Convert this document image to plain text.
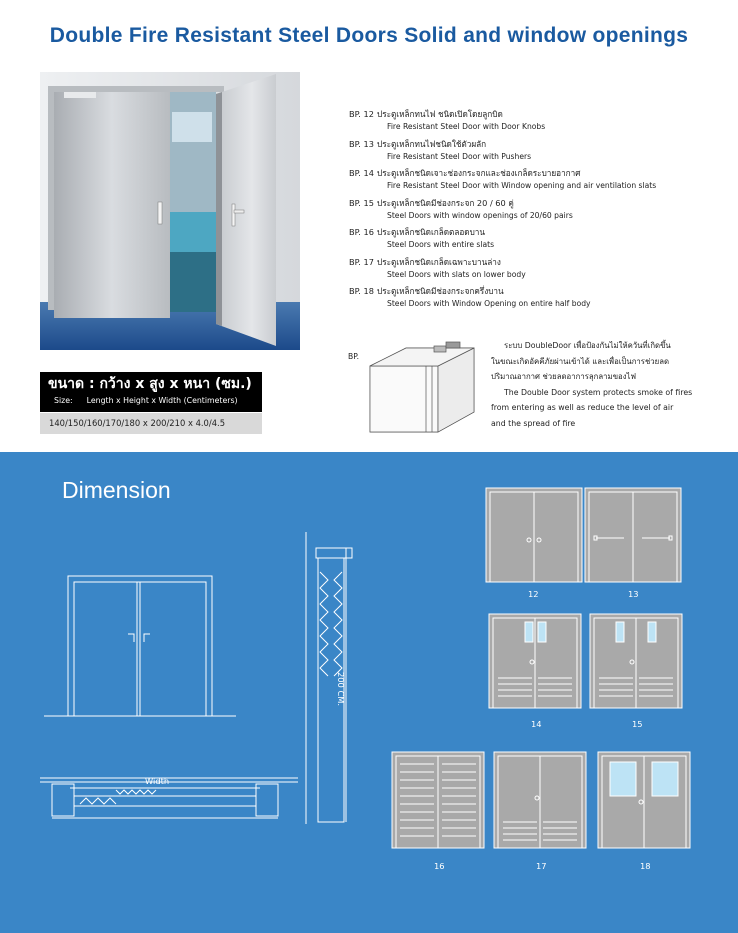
Double Fire Resistant Steel Doors Solid and window openings
BP. 12 ประตูเหล็กทนไฟ ชนิดเปิดโดยลูกบิด
Fire Resistant Steel Door with Door Knobs
BP. 13 ประตูเหล็กทนไฟชนิดใช้ตัวผลัก
Fire Resistant Steel Door with Pushers
BP. 14 ประตูเหล็กชนิดเจาะช่องกระจกและช่องเกล็ดระบายอากาศ
Fire Resistant Steel Door with Window opening and air ventilation slats
BP. 15 ประตูเหล็กชนิดมีช่องกระจก 20 / 60 คู่
Steel Doors with window openings of 20/60 pairs
BP. 16 ประตูเหล็กชนิดเกล็ดตลอดบาน
Steel Doors with entire slats
BP. 17 ประตูเหล็กชนิดเกล็ดเฉพาะบานล่าง
Steel Doors with slats on lower body
BP. 18 ประตูเหล็กชนิดมีช่องกระจกครึ่งบาน
Steel Doors with Window Opening on entire half body
ขนาด : กว้าง x สูง x หนา (ซม.)
Size: Length x Height x Width (Centimeters)
140/150/160/170/180 x 200/210 x 4.0/4.5
BP.
ระบบ DoubleDoor เพื่อป้องกันไม่ให้ควันที่เกิดขึ้น
ในขณะเกิดอัคคีภัยผ่านเข้าได้ และเพื่อเป็นการช่วยลด
ปริมาณอากาศ ช่วยลดอาการลุกลามของไฟ
The Double Door system protects smoke of fires
from entering as well as reduce the level of air
and the spread of fire
Dimension
Width
200 CM.
12	13
14	15
16	17	18
